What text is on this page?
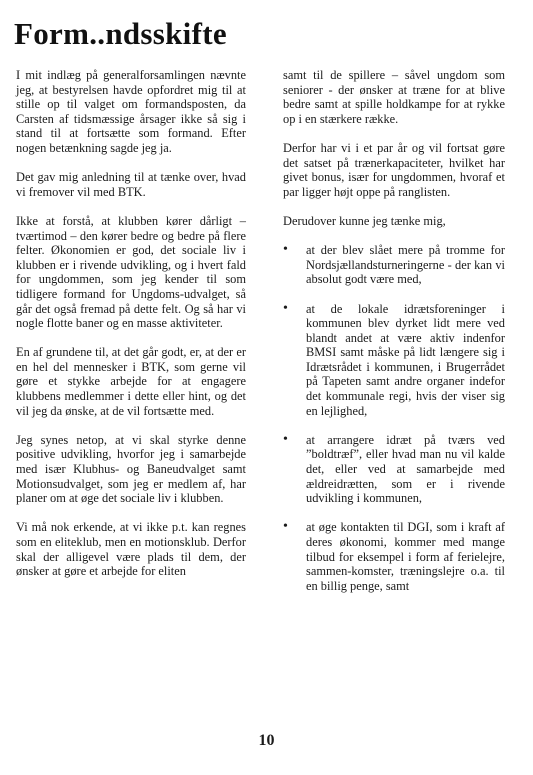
Form..ndsskifte

I mit indlæg på generalforsamlingen nævnte jeg, at bestyrelsen havde opfordret mig til at stille op til valget om formandsposten, da Carsten af tidsmæssige årsager ikke så sig i stand til at fortsætte som formand. Efter nogen betænkning sagde jeg ja.

Det gav mig anledning til at tænke over, hvad vi fremover vil med BTK.

Ikke at forstå, at klubben kører dårligt – tværtimod – den kører bedre og bedre på flere felter. Økonomien er god, det sociale liv i klubben er i rivende udvikling, og i hvert fald for ungdommen, som jeg kender til som tidligere formand for Ungdoms-udvalget, så går det også fremad på dette felt. Og så har vi nogle flotte baner og en masse aktiviteter.

En af grundene til, at det går godt, er, at der er en hel del mennesker i BTK, som gerne vil gøre et stykke arbejde for at engagere klubbens medlemmer i dette eller hint, og det vil jeg da ønske, at de vil fortsætte med.

Jeg synes netop, at vi skal styrke denne positive udvikling, hvorfor jeg i samarbejde med især Klubhus- og Baneudvalget samt Motionsudvalget, som jeg er medlem af, har planer om at øge det sociale liv i klubben.

Vi må nok erkende, at vi ikke p.t. kan regnes som en eliteklub, men en motionsklub. Derfor skal der alligevel være plads til dem, der ønsker at gøre et arbejde for eliten

samt til de spillere – såvel ungdom som seniorer - der ønsker at træne for at blive bedre samt at spille holdkampe for at rykke op i en stærkere række.

Derfor har vi i et par år og vil fortsat gøre det satset på trænerkapaciteter, hvilket har givet bonus, især for ungdommen, hvoraf et par ligger højt oppe på ranglisten.

Derudover kunne jeg tænke mig,

• at der blev slået mere på tromme for Nordsjællandsturneringerne - der kan vi absolut godt være med,
• at de lokale idrætsforeninger i kommunen blev dyrket lidt mere ved blandt andet at være aktiv indenfor BMSI samt måske på lidt længere sig i Idrætsrådet i kommunen, i Brugerrådet på Tapeten samt andre organer indefor det kommunale regi, hvis der viser sig en lejlighed,
• at arrangere idræt på tværs ved ”boldtræf”, eller hvad man nu vil kalde det, eller ved at samarbejde med ældreidrætten, som er i rivende udvikling i kommunen,
• at øge kontakten til DGI, som i kraft af deres økonomi, kommer med mange tilbud for eksempel i form af ferielejre, sammen-komster, træningslejre o.a. til en billig penge, samt
10
